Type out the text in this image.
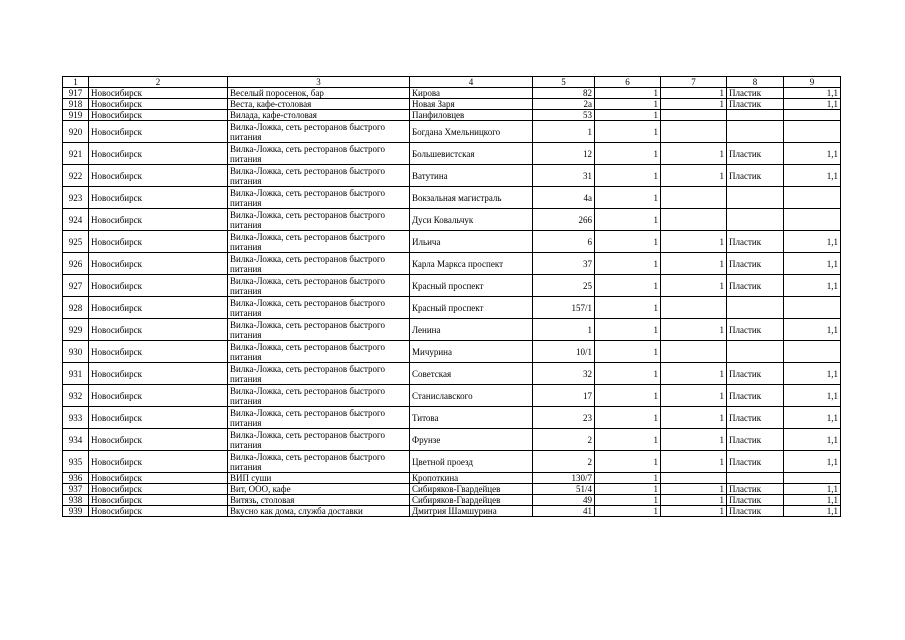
1	2	3	4	5	6	7	8	9
917	Новосибирск	Веселый поросенок, бар	Кирова	82	1	1	Пластик	1,1
918	Новосибирск	Веста, кафе-столовая	Новая Заря	2а	1	1	Пластик	1,1
919	Новосибирск	Вилада, кафе-столовая	Панфиловцев	53	1			
920	Новосибирск	Вилка-Ложка, сеть ресторанов быстрого питания	Богдана Хмельницкого	1	1			
921	Новосибирск	Вилка-Ложка, сеть ресторанов быстрого питания	Большевистская	12	1	1	Пластик	1,1
922	Новосибирск	Вилка-Ложка, сеть ресторанов быстрого питания	Ватутина	31	1	1	Пластик	1,1
923	Новосибирск	Вилка-Ложка, сеть ресторанов быстрого питания	Вокзальная магистраль	4а	1			
924	Новосибирск	Вилка-Ложка, сеть ресторанов быстрого питания	Дуси Ковальчук	266	1			
925	Новосибирск	Вилка-Ложка, сеть ресторанов быстрого питания	Ильича	6	1	1	Пластик	1,1
926	Новосибирск	Вилка-Ложка, сеть ресторанов быстрого питания	Карла Маркса проспект	37	1	1	Пластик	1,1
927	Новосибирск	Вилка-Ложка, сеть ресторанов быстрого питания	Красный проспект	25	1	1	Пластик	1,1
928	Новосибирск	Вилка-Ложка, сеть ресторанов быстрого питания	Красный проспект	157/1	1			
929	Новосибирск	Вилка-Ложка, сеть ресторанов быстрого питания	Ленина	1	1	1	Пластик	1,1
930	Новосибирск	Вилка-Ложка, сеть ресторанов быстрого питания	Мичурина	10/1	1			
931	Новосибирск	Вилка-Ложка, сеть ресторанов быстрого питания	Советская	32	1	1	Пластик	1,1
932	Новосибирск	Вилка-Ложка, сеть ресторанов быстрого питания	Станиславского	17	1	1	Пластик	1,1
933	Новосибирск	Вилка-Ложка, сеть ресторанов быстрого питания	Титова	23	1	1	Пластик	1,1
934	Новосибирск	Вилка-Ложка, сеть ресторанов быстрого питания	Фрунзе	2	1	1	Пластик	1,1
935	Новосибирск	Вилка-Ложка, сеть ресторанов быстрого питания	Цветной проезд	2	1	1	Пластик	1,1
936	Новосибирск	ВИП суши	Кропоткина	130/7	1			
937	Новосибирск	Вит, ООО, кафе	Сибиряков-Гвардейцев	51/4	1	1	Пластик	1,1
938	Новосибирск	Витязь, столовая	Сибиряков-Гвардейцев	49	1	1	Пластик	1,1
939	Новосибирск	Вкусно как дома, служба доставки	Дмитрия Шамшурина	41	1	1	Пластик	1,1
